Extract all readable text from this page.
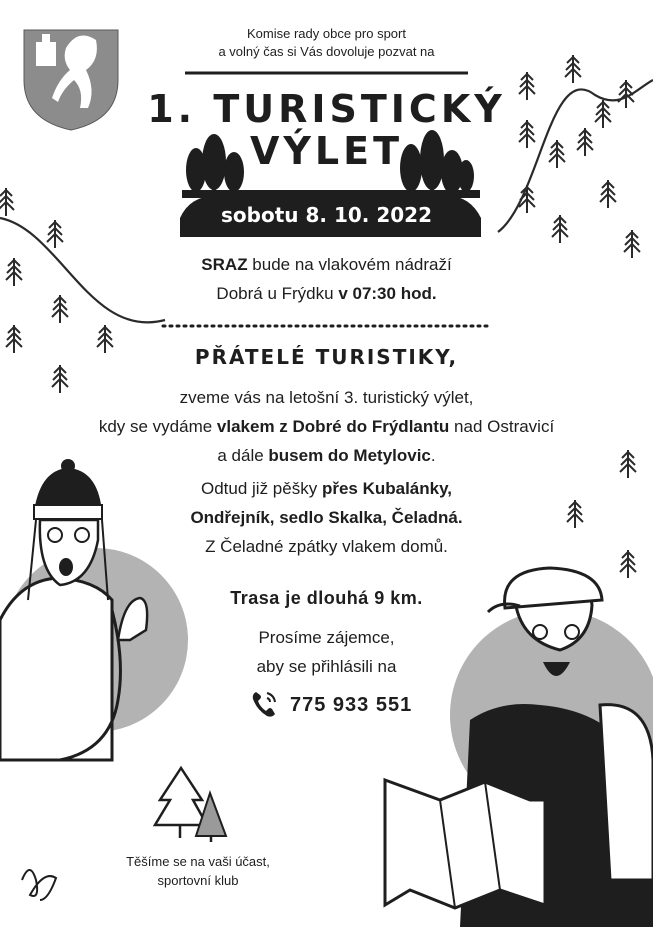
Komise rady obce pro sport
a volný čas si Vás dovoluje pozvat na
1. TURISTICKÝ
VÝLET
sobotu 8. 10. 2022
SRAZ bude na vlakovém nádraží
Dobrá u Frýdku v 07:30 hod.
PŘÁTELÉ TURISTIKY,
zveme vás na letošní 3. turistický výlet,
kdy se vydáme vlakem z Dobré do Frýdlantu nad Ostravicí
a dále busem do Metylovic.
Odtud již pěšky přes Kubalánky,
Ondřejník, sedlo Skalka, Čeladná.
Z Čeladné zpátky vlakem domů.
Trasa je dlouhá 9 km.
Prosíme zájemce,
aby se přihlásili na
775 933 551
Těšíme se na vaši účast,
sportovní klub
